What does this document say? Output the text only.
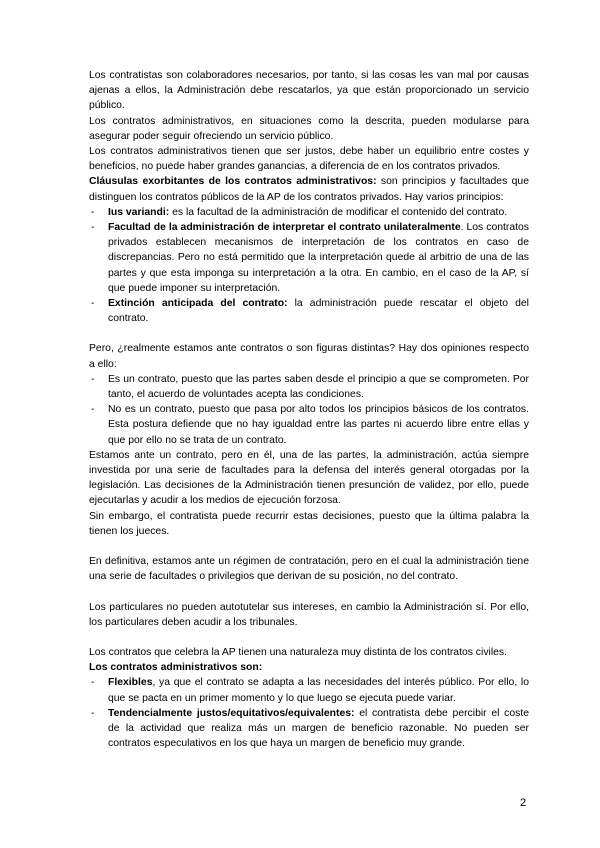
Los contratistas son colaboradores necesarios, por tanto, si las cosas les van mal por causas ajenas a ellos, la Administración debe rescatarlos, ya que están proporcionado un servicio público.

Los contratos administrativos, en situaciones como la descrita, pueden modularse para asegurar poder seguir ofreciendo un servicio público.

Los contratos administrativos tienen que ser justos, debe haber un equilibrio entre costes y beneficios, no puede haber grandes ganancias, a diferencia de en los contratos privados.

Cláusulas exorbitantes de los contratos administrativos: son principios y facultades que distinguen los contratos públicos de la AP de los contratos privados. Hay varios principios:

- Ius variandi: es la facultad de la administración de modificar el contenido del contrato.
- Facultad de la administración de interpretar el contrato unilateralmente. Los contratos privados establecen mecanismos de interpretación de los contratos en caso de discrepancias. Pero no está permitido que la interpretación quede al arbitrio de una de las partes y que esta imponga su interpretación a la otra. En cambio, en el caso de la AP, sí que puede imponer su interpretación.
- Extinción anticipada del contrato: la administración puede rescatar el objeto del contrato.

Pero, ¿realmente estamos ante contratos o son figuras distintas? Hay dos opiniones respecto a ello:

- Es un contrato, puesto que las partes saben desde el principio a que se comprometen. Por tanto, el acuerdo de voluntades acepta las condiciones.
- No es un contrato, puesto que pasa por alto todos los principios básicos de los contratos. Esta postura defiende que no hay igualdad entre las partes ni acuerdo libre entre ellas y que por ello no se trata de un contrato.

Estamos ante un contrato, pero en él, una de las partes, la administración, actúa siempre investida por una serie de facultades para la defensa del interés general otorgadas por la legislación. Las decisiones de la Administración tienen presunción de validez, por ello, puede ejecutarlas y acudir a los medios de ejecución forzosa.

Sin embargo, el contratista puede recurrir estas decisiones, puesto que la última palabra la tienen los jueces.

En definitiva, estamos ante un régimen de contratación, pero en el cual la administración tiene una serie de facultades o privilegios que derivan de su posición, no del contrato.

Los particulares no pueden autotutelar sus intereses, en cambio la Administración sí. Por ello, los particulares deben acudir a los tribunales.

Los contratos que celebra la AP tienen una naturaleza muy distinta de los contratos civiles.

Los contratos administrativos son:

- Flexibles, ya que el contrato se adapta a las necesidades del interés público. Por ello, lo que se pacta en un primer momento y lo que luego se ejecuta puede variar.
- Tendencialmente justos/equitativos/equivalentes: el contratista debe percibir el coste de la actividad que realiza más un margen de beneficio razonable. No pueden ser contratos especulativos en los que haya un margen de beneficio muy grande.
2
